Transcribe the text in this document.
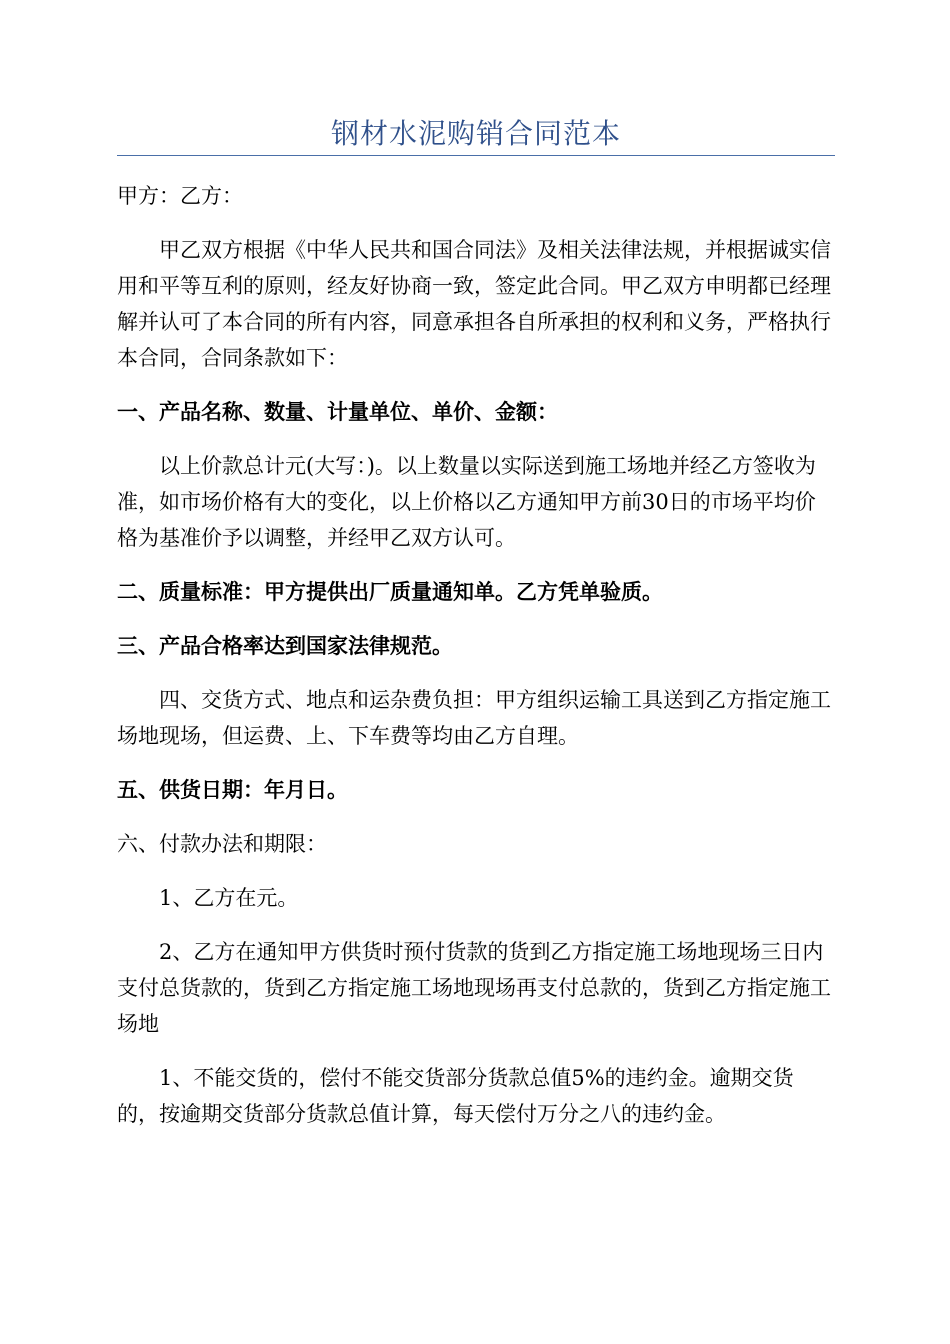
钢材水泥购销合同范本

甲方：乙方：

甲乙双方根据《中华人民共和国合同法》及相关法律法规，并根据诚实信用和平等互利的原则，经友好协商一致，签定此合同。甲乙双方申明都已经理解并认可了本合同的所有内容，同意承担各自所承担的权利和义务，严格执行本合同，合同条款如下：

一、产品名称、数量、计量单位、单价、金额：

以上价款总计元(大写：)。以上数量以实际送到施工场地并经乙方签收为准，如市场价格有大的变化，以上价格以乙方通知甲方前30日的市场平均价格为基准价予以调整，并经甲乙双方认可。

二、质量标准：甲方提供出厂质量通知单。乙方凭单验质。

三、产品合格率达到国家法律规范。

四、交货方式、地点和运杂费负担：甲方组织运输工具送到乙方指定施工场地现场，但运费、上、下车费等均由乙方自理。

五、供货日期：年月日。

六、付款办法和期限：

1、乙方在元。

2、乙方在通知甲方供货时预付货款的货到乙方指定施工场地现场三日内支付总货款的，货到乙方指定施工场地现场再支付总款的，货到乙方指定施工场地

1、不能交货的，偿付不能交货部分货款总值5%的违约金。逾期交货的，按逾期交货部分货款总值计算，每天偿付万分之八的违约金。
